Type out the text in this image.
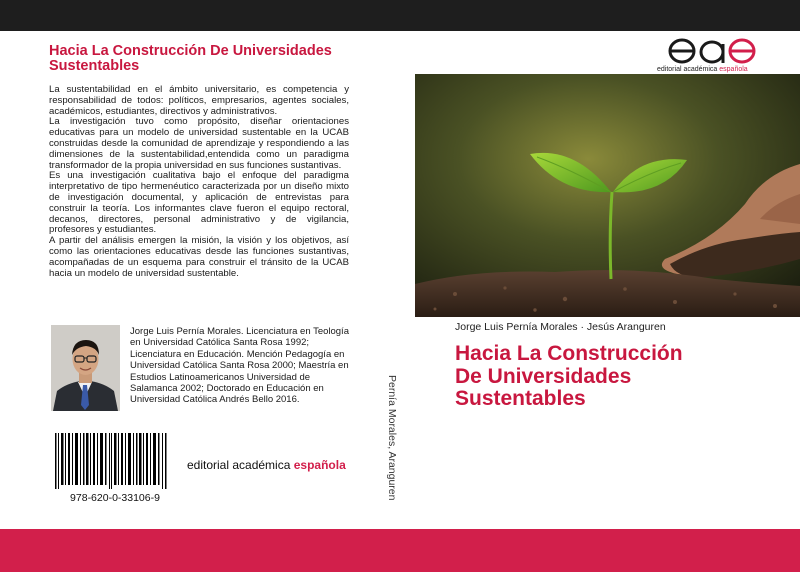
Hacia La Construcción De Universidades Sustentables

La sustentabilidad en el ámbito universitario, es competencia y responsabilidad de todos: políticos, empresarios, agentes sociales, académicos, estudiantes, directivos y administrativos.

La investigación tuvo como propósito, diseñar orientaciones educativas para un modelo de universidad sustentable en la UCAB construidas desde la comunidad de aprendizaje y respondiendo a las dimensiones de la sustentabilidad,entendida como un paradigma transformador de la propia universidad en sus funciones sustantivas.

Es una investigación cualitativa bajo el enfoque del paradigma interpretativo de tipo hermenéutico caracterizada por un diseño mixto de investigación documental, y aplicación de entrevistas para construir la teoría. Los informantes clave fueron el equipo rectoral, decanos, directores, personal administrativo y de vigilancia, profesores y estudiantes.

A partir del análisis emergen la misión, la visión y los objetivos, así como las orientaciones educativas desde las funciones sustantivas, acompañadas de un esquema para construir el tránsito de la UCAB hacia un modelo de universidad sustentable.

Jorge Luis Pernía Morales. Licenciatura en Teología en Universidad Católica Santa Rosa 1992; Licenciatura en Educación. Mención Pedagogía en Universidad Católica Santa Rosa 2000; Maestría en Estudios Latinoamericanos Universidad de Salamanca 2002; Doctorado en Educación en Universidad Católica Andrés Bello 2016.
978-620-0-33106-9
editorial académica española	Pernía Morales, Aranguren
editorial académica española
Jorge Luis Pernía Morales · Jesús Aranguren
Hacia La Construcción
De Universidades
Sustentables
